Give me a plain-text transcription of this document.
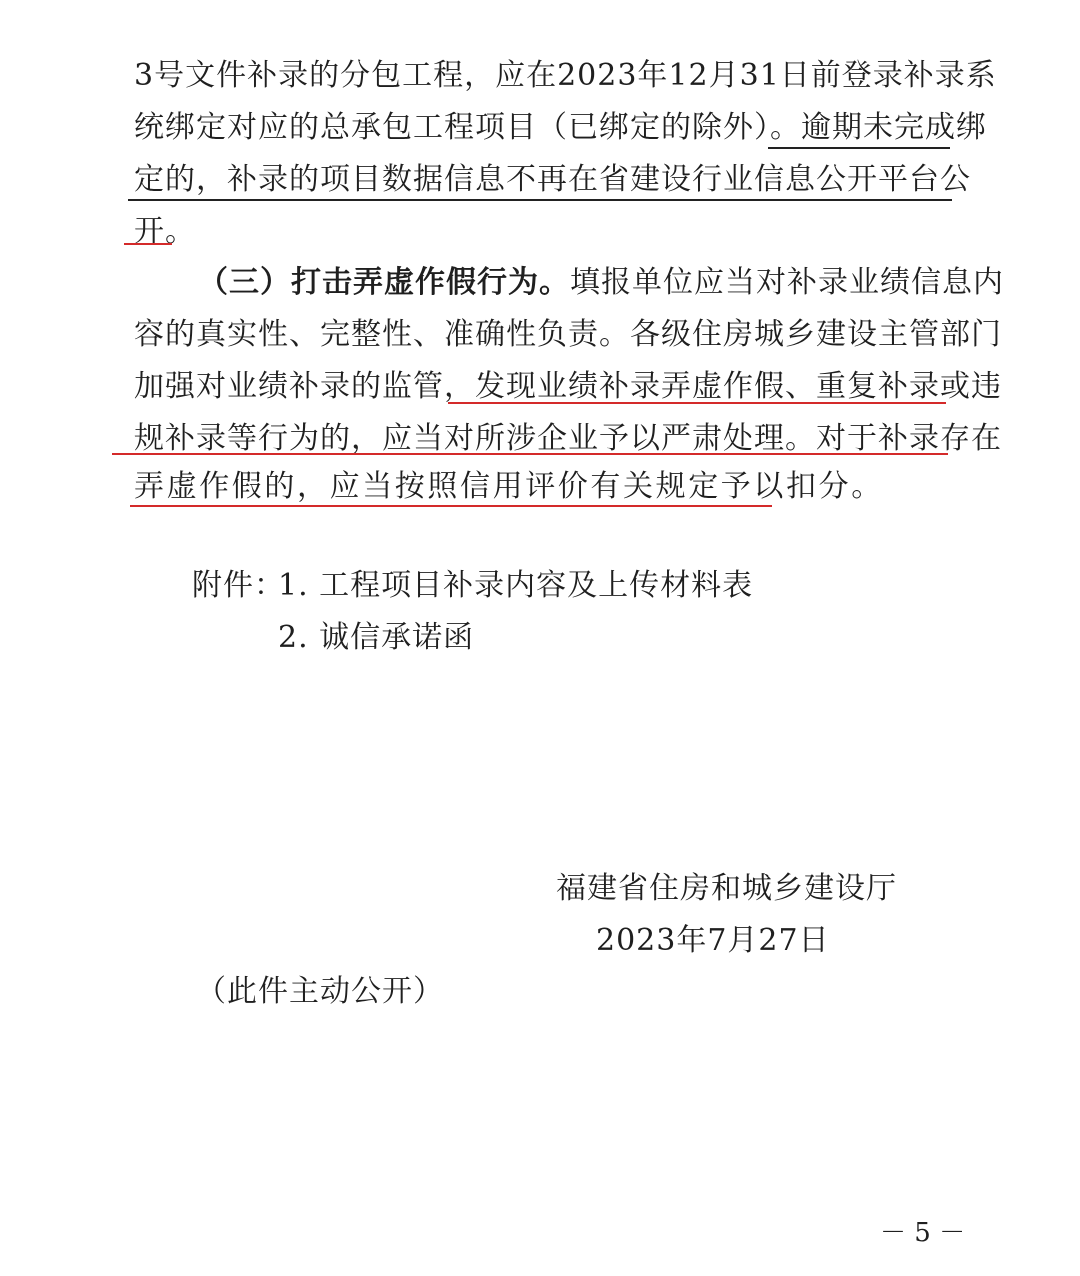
3号文件补录的分包工程，应在2023年12月31日前登录补录系
统绑定对应的总承包工程项目（已绑定的除外）。逾期未完成绑
定的，补录的项目数据信息不再在省建设行业信息公开平台公
开。
（三）打击弄虚作假行为。填报单位应当对补录业绩信息内
容的真实性、完整性、准确性负责。各级住房城乡建设主管部门
加强对业绩补录的监管，发现业绩补录弄虚作假、重复补录或违
规补录等行为的，应当对所涉企业予以严肃处理。对于补录存在
弄虚作假的，应当按照信用评价有关规定予以扣分。
附件：
1. 工程项目补录内容及上传材料表
2. 诚信承诺函
福建省住房和城乡建设厅
2023年7月27日
（此件主动公开）
－ 5 －
